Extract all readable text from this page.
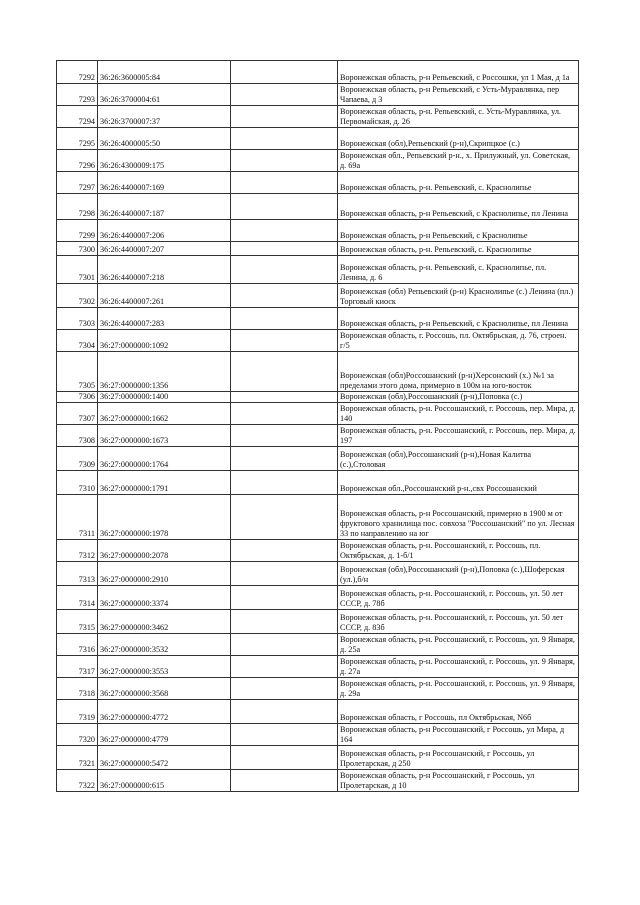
7292	36:26:3600005:84		Воронежская область, р-н Репьевский, с Россошки, ул 1 Мая, д 1а
7293	36:26:3700004:61		Воронежская область, р-н Репьевский, с Усть-Муравлянка, пер Чапаева, д 3
7294	36:26:3700007:37		Воронежская область, р-н. Репьевский, с. Усть-Муравлянка, ул. Первомайская, д. 26
7295	36:26:4000005:50		Воронежская (обл),Репьевский (р-н),Скрипцкое (с.)
7296	36:26:4300009:175		Воронежская обл., Репьевский р-н., х. Прилужный, ул. Советская, д. 69а
7297	36:26:4400007:169		Воронежская область, р-н. Репьевский, с. Краснолипье
7298	36:26:4400007:187		Воронежская область, р-н Репьевский, с Краснолипье, пл Ленина
7299	36:26:4400007:206		Воронежская область, р-н Репьевский, с Краснолипье
7300	36:26:4400007:207		Воронежская область, р-н. Репьевский, с. Краснолипье
7301	36:26:4400007:218		Воронежская область, р-н. Репьевский, с. Краснолипье, пл. Ленина, д. 6
7302	36:26:4400007:261		Воронежская (обл) Репьевский (р-н) Краснолипье (с.) Ленина (пл.) Торговый киоск
7303	36:26:4400007:283		Воронежская область, р-н Репьевский, с Краснолипье, пл Ленина
7304	36:27:0000000:1092		Воронежская область, г. Россошь, пл. Октябрьская, д. 76, строен. г/5
7305	36:27:0000000:1356		Воронежская (обл)Россошанский (р-н)Херсонский (х.) №1 за пределами этого дома, примерно в 100м на юго-восток
7306	36:27:0000000:1400		Воронежская (обл),Россошанский (р-н),Поповка (с.)
7307	36:27:0000000:1662		Воронежская область, р-н. Россошанский, г. Россошь, пер. Мира, д. 140
7308	36:27:0000000:1673		Воронежская область, р-н. Россошанский, г. Россошь, пер. Мира, д. 197
7309	36:27:0000000:1764		Воронежская (обл),Россошанский (р-н),Новая Калитва (с.),Столовая
7310	36:27:0000000:1791		Воронежская обл.,Россошанский р-н.,свх Россошанский
7311	36:27:0000000:1978		Воронежская область, р-н Россошанский, примерно в 1900 м от фруктового хранилища пос. совхоза "Россошанский" по ул. Лесная 33 по направлению на юг
7312	36:27:0000000:2078		Воронежская область, р-н. Россошанский, г. Россошь, пл. Октябрьская, д. 1-б/1
7313	36:27:0000000:2910		Воронежская (обл),Россошанский (р-н),Поповка (с.),Шоферская (ул.),б/н
7314	36:27:0000000:3374		Воронежская область, р-н. Россошанский, г. Россошь, ул. 50 лет СССР, д. 78б
7315	36:27:0000000:3462		Воронежская область, р-н. Россошанский, г. Россошь, ул. 50 лет СССР, д. 83б
7316	36:27:0000000:3532		Воронежская область, р-н. Россошанский, г. Россошь, ул. 9 Января, д. 25а
7317	36:27:0000000:3553		Воронежская область, р-н. Россошанский, г. Россошь, ул. 9 Января, д. 27а
7318	36:27:0000000:3568		Воронежская область, р-н. Россошанский, г. Россошь, ул. 9 Января, д. 29а
7319	36:27:0000000:4772		Воронежская область, г Россошь, пл Октябрьская, N6б
7320	36:27:0000000:4779		Воронежская область, р-н Россошанский, г Россошь, ул Мира, д 164
7321	36:27:0000000:5472		Воронежская область, р-н Россошанский, г Россошь, ул Пролетарская, д 250
7322	36:27:0000000:615		Воронежская область, р-н Россошанский, г Россошь, ул Пролетарская, д 10
